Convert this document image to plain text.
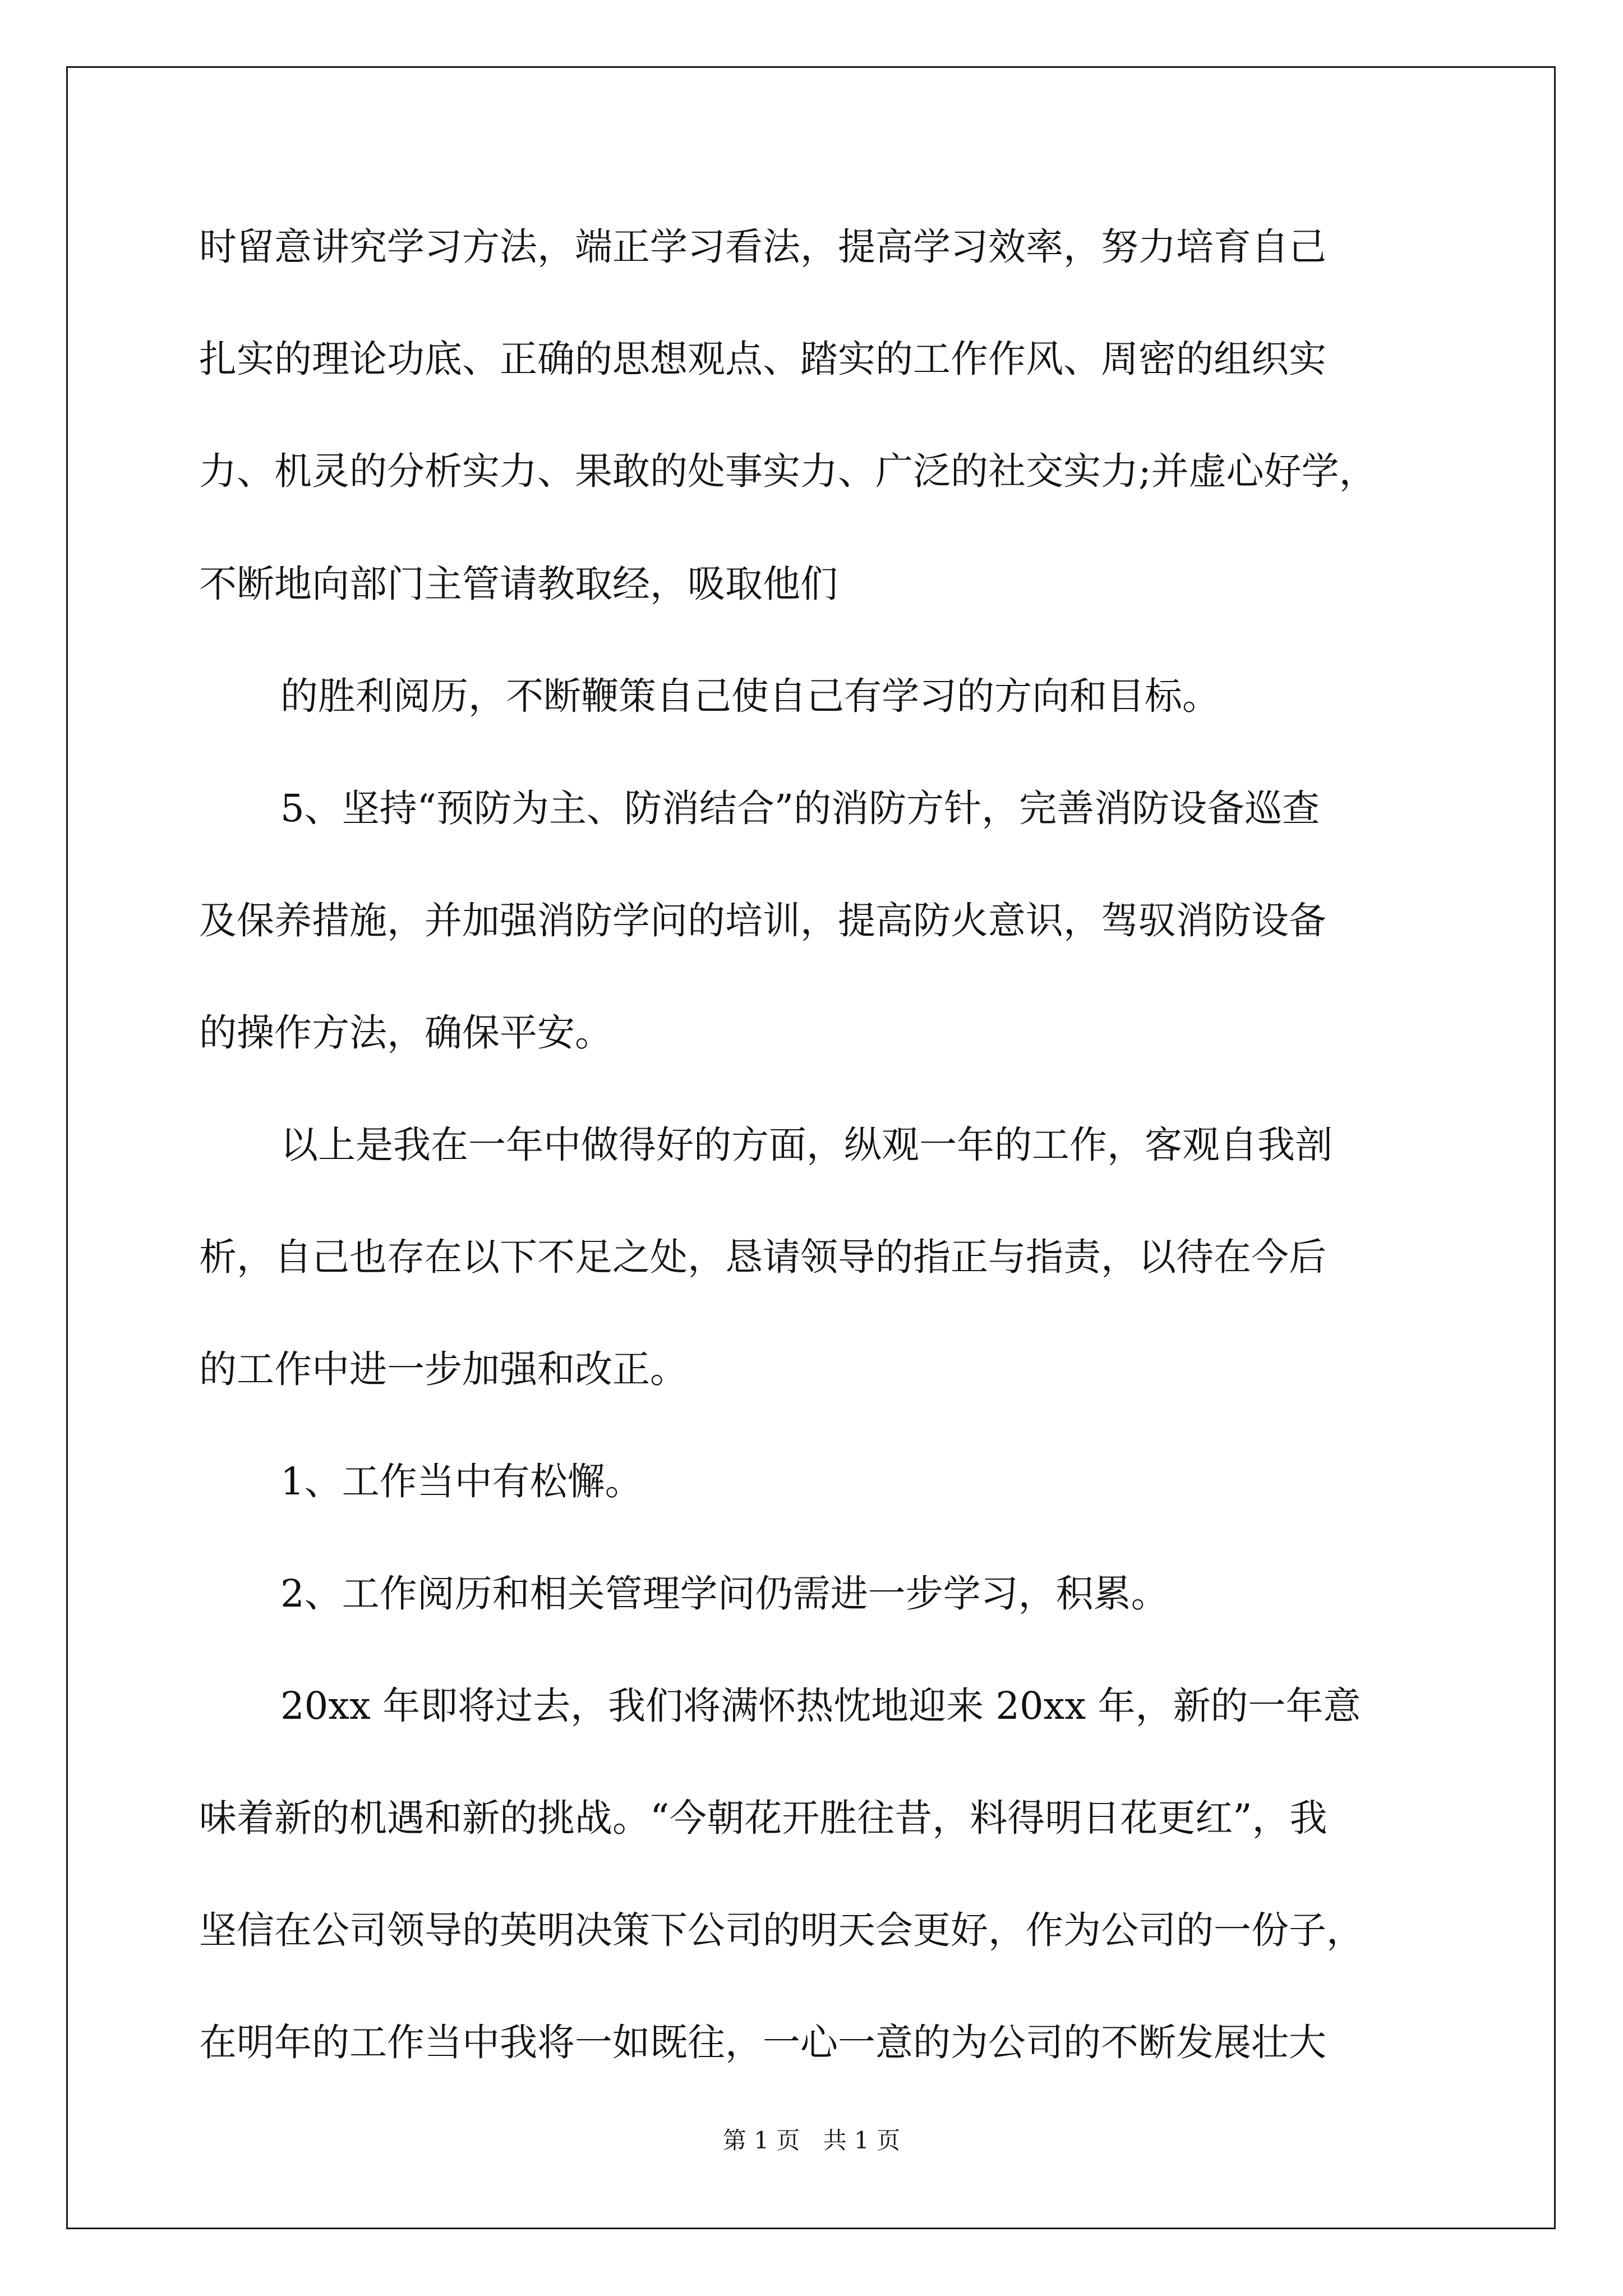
时留意讲究学习方法，端正学习看法，提高学习效率，努力培育自己
扎实的理论功底、正确的思想观点、踏实的工作作风、周密的组织实
力、机灵的分析实力、果敢的处事实力、广泛的社交实力;并虚心好学，
不断地向部门主管请教取经，吸取他们
的胜利阅历，不断鞭策自己使自己有学习的方向和目标。
5、坚持“预防为主、防消结合”的消防方针，完善消防设备巡查
及保养措施，并加强消防学问的培训，提高防火意识，驾驭消防设备
的操作方法，确保平安。
以上是我在一年中做得好的方面，纵观一年的工作，客观自我剖
析，自己也存在以下不足之处，恳请领导的指正与指责，以待在今后
的工作中进一步加强和改正。
1、工作当中有松懈。
2、工作阅历和相关管理学问仍需进一步学习，积累。
20xx 年即将过去，我们将满怀热忱地迎来 20xx 年，新的一年意
味着新的机遇和新的挑战。“今朝花开胜往昔，料得明日花更红”，我
坚信在公司领导的英明决策下公司的明天会更好，作为公司的一份子，
在明年的工作当中我将一如既往，一心一意的为公司的不断发展壮大
第 1 页 共 1 页
